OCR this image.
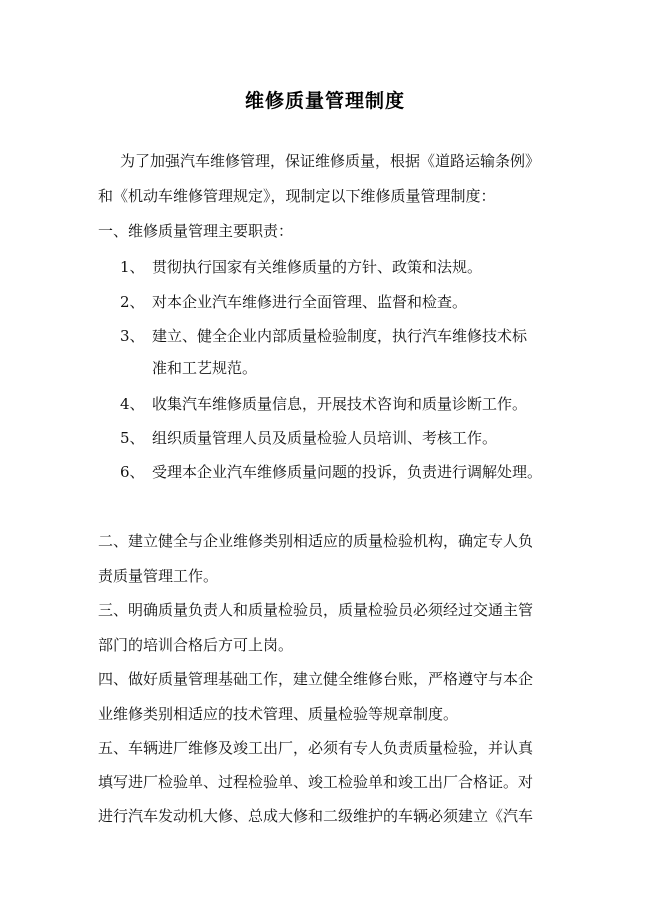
维修质量管理制度
为了加强汽车维修管理，保证维修质量，根据《道路运输条例》
和《机动车维修管理规定》，现制定以下维修质量管理制度：
一、维修质量管理主要职责：
1、 贯彻执行国家有关维修质量的方针、政策和法规。
2、 对本企业汽车维修进行全面管理、监督和检查。
3、 建立、健全企业内部质量检验制度，执行汽车维修技术标
准和工艺规范。
4、 收集汽车维修质量信息，开展技术咨询和质量诊断工作。
5、 组织质量管理人员及质量检验人员培训、考核工作。
6、 受理本企业汽车维修质量问题的投诉，负责进行调解处理。
二、建立健全与企业维修类别相适应的质量检验机构，确定专人负
责质量管理工作。
三、明确质量负责人和质量检验员，质量检验员必须经过交通主管
部门的培训合格后方可上岗。
四、做好质量管理基础工作，建立健全维修台账，严格遵守与本企
业维修类别相适应的技术管理、质量检验等规章制度。
五、车辆进厂维修及竣工出厂，必须有专人负责质量检验，并认真
填写进厂检验单、过程检验单、竣工检验单和竣工出厂合格证。对
进行汽车发动机大修、总成大修和二级维护的车辆必须建立《汽车
